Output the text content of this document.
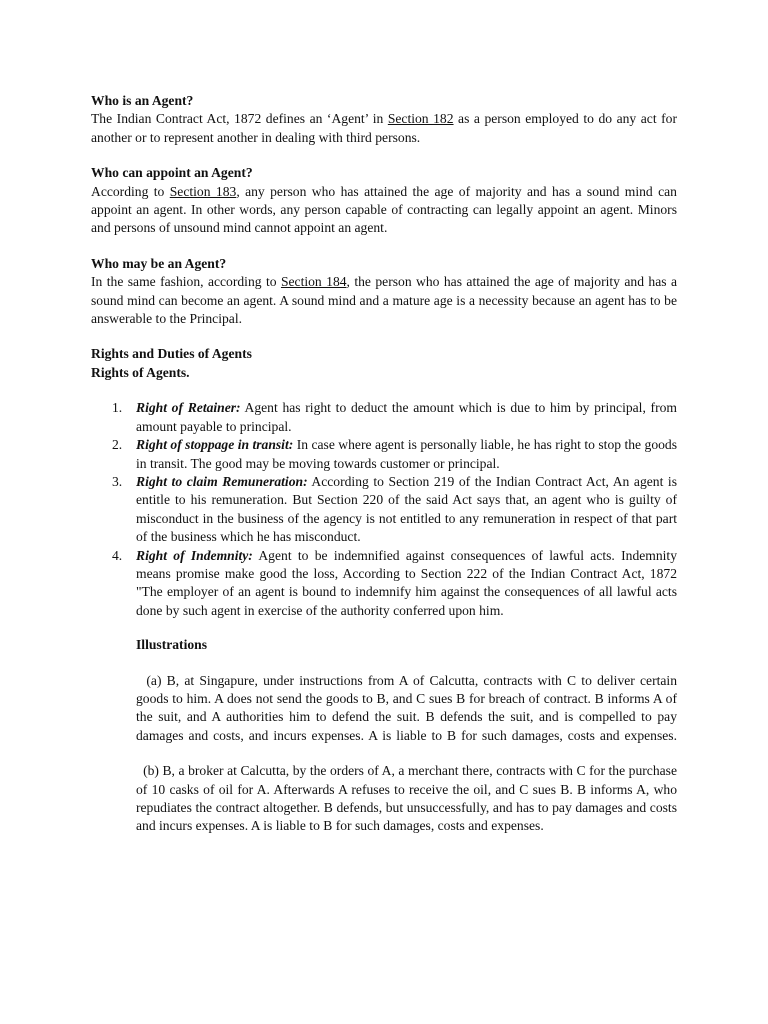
Who is an Agent?
The Indian Contract Act, 1872 defines an ‘Agent’ in Section 182 as a person employed to do any act for another or to represent another in dealing with third persons.
Who can appoint an Agent?
According to Section 183, any person who has attained the age of majority and has a sound mind can appoint an agent. In other words, any person capable of contracting can legally appoint an agent. Minors and persons of unsound mind cannot appoint an agent.
Who may be an Agent?
In the same fashion, according to Section 184, the person who has attained the age of majority and has a sound mind can become an agent. A sound mind and a mature age is a necessity because an agent has to be answerable to the Principal.
Rights and Duties of Agents
Rights of Agents.
1. Right of Retainer: Agent has right to deduct the amount which is due to him by principal, from amount payable to principal.
2. Right of stoppage in transit: In case where agent is personally liable, he has right to stop the goods in transit. The good may be moving towards customer or principal.
3. Right to claim Remuneration: According to Section 219 of the Indian Contract Act, An agent is entitle to his remuneration. But Section 220 of the said Act says that, an agent who is guilty of misconduct in the business of the agency is not entitled to any remuneration in respect of that part of the business which he has misconduct.
4. Right of Indemnity: Agent to be indemnified against consequences of lawful acts. Indemnity means promise make good the loss, According to Section 222 of the Indian Contract Act, 1872 "The employer of an agent is bound to indemnify him against the consequences of all lawful acts done by such agent in exercise of the authority conferred upon him.
Illustrations
(a) B, at Singapure, under instructions from A of Calcutta, contracts with C to deliver certain goods to him. A does not send the goods to B, and C sues B for breach of contract. B informs A of the suit, and A authorities him to defend the suit. B defends the suit, and is compelled to pay damages and costs, and incurs expenses. A is liable to B for such damages, costs and expenses.
(b) B, a broker at Calcutta, by the orders of A, a merchant there, contracts with C for the purchase of 10 casks of oil for A. Afterwards A refuses to receive the oil, and C sues B. B informs A, who repudiates the contract altogether. B defends, but unsuccessfully, and has to pay damages and costs and incurs expenses. A is liable to B for such damages, costs and expenses.
